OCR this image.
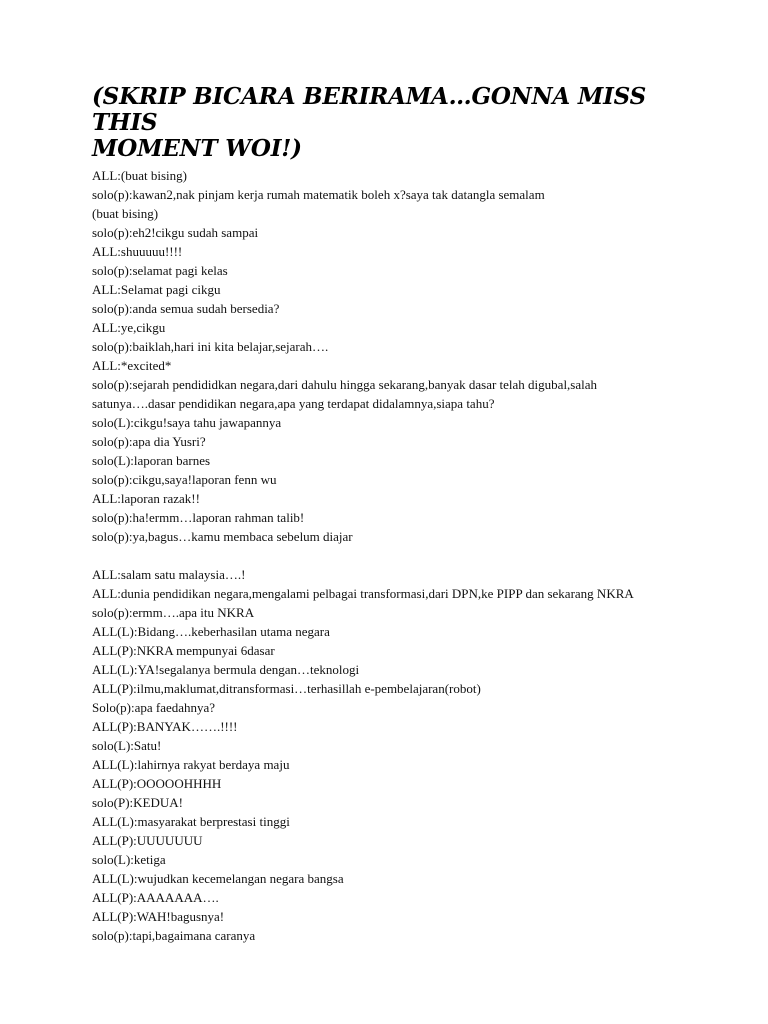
(SKRIP BICARA BERIRAMA…GONNA MISS THIS
MOMENT WOI!)
ALL:(buat bising)
solo(p):kawan2,nak pinjam kerja rumah matematik boleh x?saya tak datangla semalam
(buat bising)
solo(p):eh2!cikgu sudah sampai
ALL:shuuuuu!!!!
solo(p):selamat pagi kelas
ALL:Selamat pagi cikgu
solo(p):anda semua sudah bersedia?
ALL:ye,cikgu
solo(p):baiklah,hari ini kita belajar,sejarah….
ALL:*excited*
solo(p):sejarah pendididkan negara,dari dahulu hingga sekarang,banyak dasar telah digubal,salah
satunya….dasar pendidikan negara,apa yang terdapat didalamnya,siapa tahu?
solo(L):cikgu!saya tahu jawapannya
solo(p):apa dia Yusri?
solo(L):laporan barnes
solo(p):cikgu,saya!laporan fenn wu
ALL:laporan razak!!
solo(p):ha!ermm…laporan rahman talib!
solo(p):ya,bagus…kamu membaca sebelum diajar
ALL:salam satu malaysia….!
ALL:dunia pendidikan negara,mengalami pelbagai transformasi,dari DPN,ke PIPP dan sekarang NKRA
solo(p):ermm….apa itu NKRA
ALL(L):Bidang….keberhasilan utama negara
ALL(P):NKRA mempunyai 6dasar
ALL(L):YA!segalanya bermula dengan…teknologi
ALL(P):ilmu,maklumat,ditransformasi…terhasillah e-pembelajaran(robot)
Solo(p):apa faedahnya?
ALL(P):BANYAK…….!!!!
solo(L):Satu!
ALL(L):lahirnya rakyat berdaya maju
ALL(P):OOOOOHHHH
solo(P):KEDUA!
ALL(L):masyarakat berprestasi tinggi
ALL(P):UUUUUUU
solo(L):ketiga
ALL(L):wujudkan kecemelangan negara bangsa
ALL(P):AAAAAAA….
ALL(P):WAH!bagusnya!
solo(p):tapi,bagaimana caranya
